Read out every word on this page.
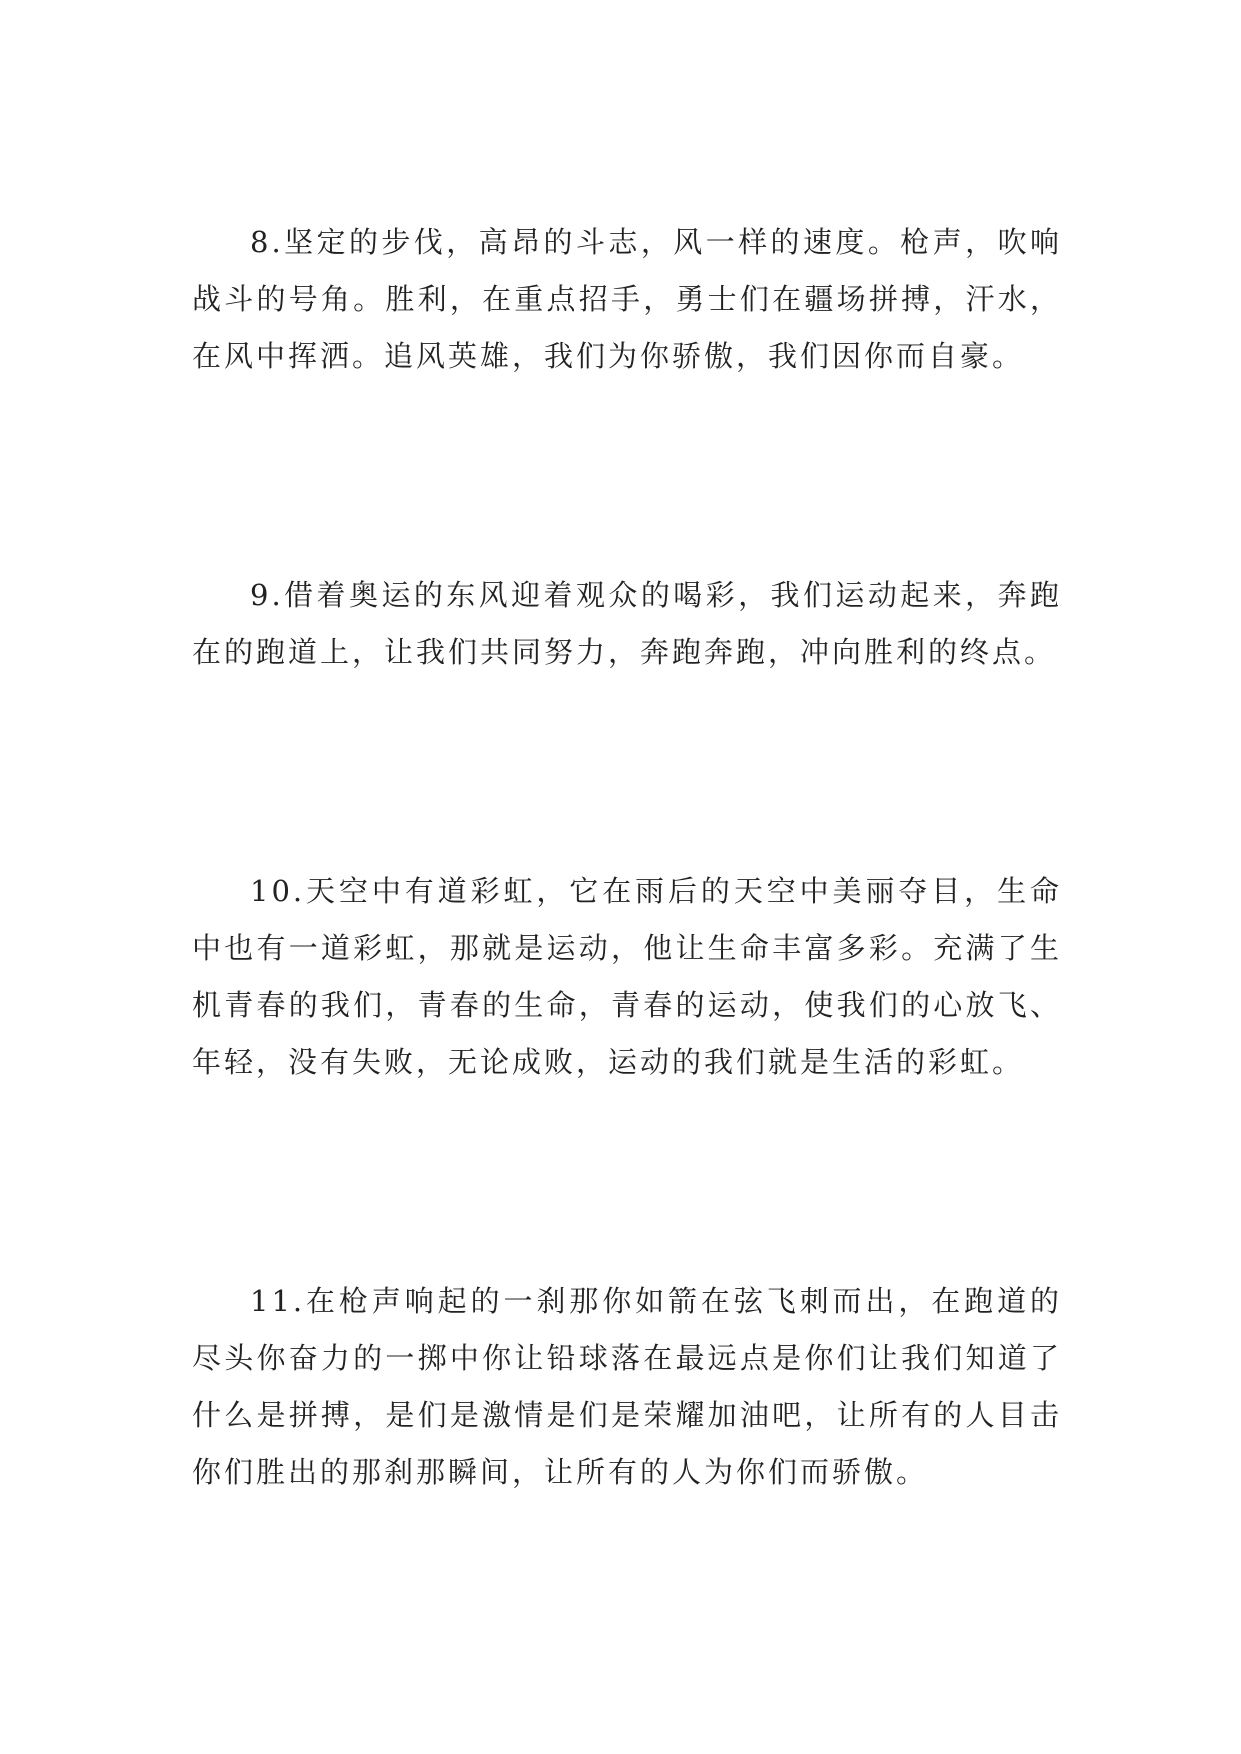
8.坚定的步伐，高昂的斗志，风一样的速度。枪声，吹响战斗的号角。胜利，在重点招手，勇士们在疆场拼搏，汗水，在风中挥洒。追风英雄，我们为你骄傲，我们因你而自豪。

9.借着奥运的东风迎着观众的喝彩，我们运动起来，奔跑在的跑道上，让我们共同努力，奔跑奔跑，冲向胜利的终点。

10.天空中有道彩虹，它在雨后的天空中美丽夺目，生命中也有一道彩虹，那就是运动，他让生命丰富多彩。充满了生机青春的我们，青春的生命，青春的运动，使我们的心放飞、年轻，没有失败，无论成败，运动的我们就是生活的彩虹。

11.在枪声响起的一刹那你如箭在弦飞刺而出，在跑道的尽头你奋力的一掷中你让铅球落在最远点是你们让我们知道了什么是拼搏，是们是激情是们是荣耀加油吧，让所有的人目击你们胜出的那刹那瞬间，让所有的人为你们而骄傲。
